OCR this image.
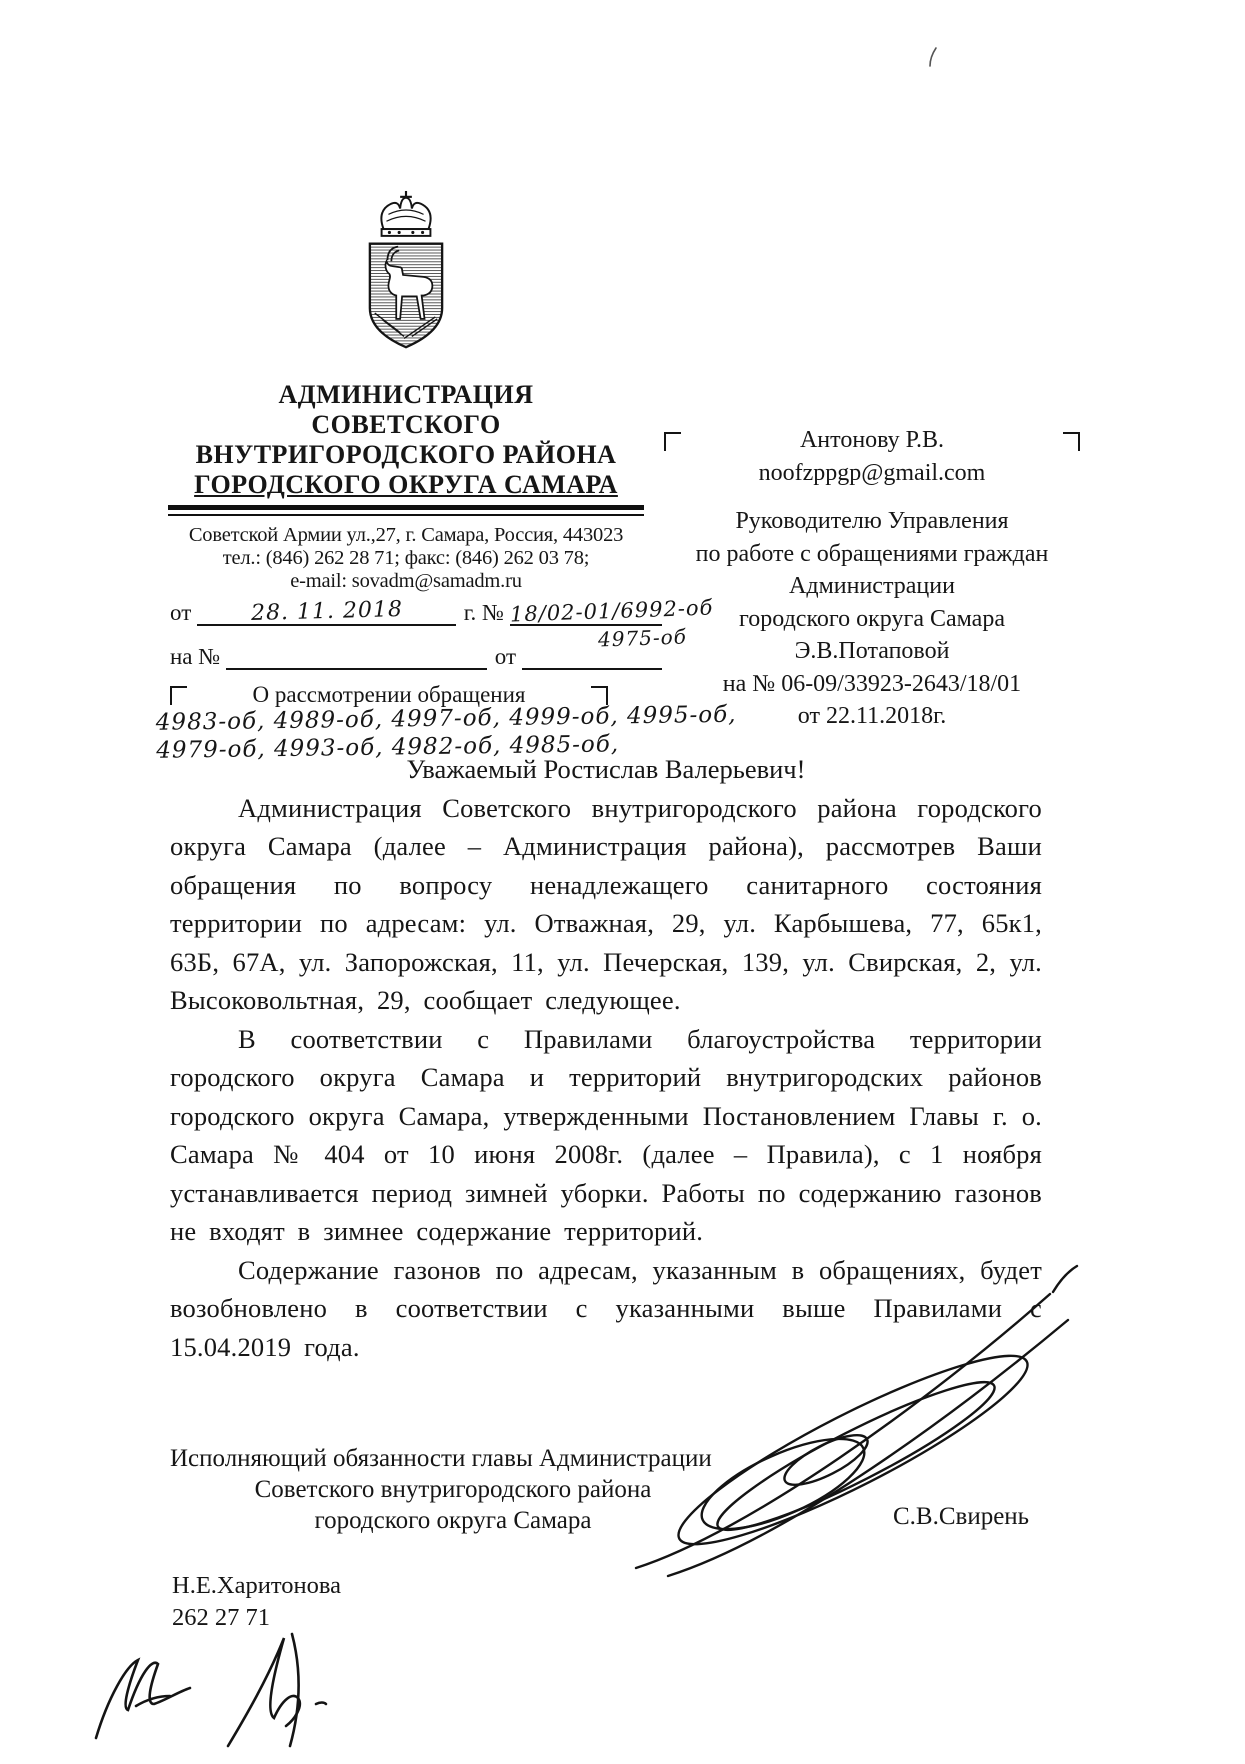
АДМИНИСТРАЦИЯ
СОВЕТСКОГО
ВНУТРИГОРОДСКОГО РАЙОНА
ГОРОДСКОГО ОКРУГА САМАРА
Советской Армии ул.,27, г. Самара, Россия, 443023
тел.: (846) 262 28 71; факс: (846) 262 03 78;
e-mail: sovadm@samadm.ru
от	28. 11. 2018	г. № 18/02-01/6992-об
4975-об
на №
	от

О рассмотрении обращения
4983-об, 4989-об, 4997-об, 4999-об, 4995-об,
4979-об, 4993-об, 4982-об, 4985-об,
Антонову Р.В.
noofzppgp@gmail.com
Руководителю Управления
по работе с обращениями граждан
Администрации
городского округа Самара
Э.В.Потаповой
на № 06-09/33923-2643/18/01
от 22.11.2018г.
Уважаемый Ростислав Валерьевич!

Администрация Советского внутригородского района городского округа Самара (далее – Администрация района), рассмотрев Ваши обращения по вопросу ненадлежащего санитарного состояния территории по адресам: ул. Отважная, 29, ул. Карбышева, 77, 65к1, 63Б, 67А, ул. Запорожская, 11, ул. Печерская, 139, ул. Свирская, 2, ул. Высоковольтная, 29, сообщает следующее.

В соответствии с Правилами благоустройства территории городского округа Самара и территорий внутригородских районов городского округа Самара, утвержденными Постановлением Главы г. о. Самара № 404 от 10 июня 2008г. (далее – Правила), с 1 ноября устанавливается период зимней уборки. Работы по содержанию газонов не входят в зимнее содержание территорий.

Содержание газонов по адресам, указанным в обращениях, будет возобновлено в соответствии с указанными выше Правилами с 15.04.2019 года.

Исполняющий обязанности главы Администрации
Советского внутригородского района
городского округа Самара	С.В.Свирень
Н.Е.Харитонова
262 27 71
